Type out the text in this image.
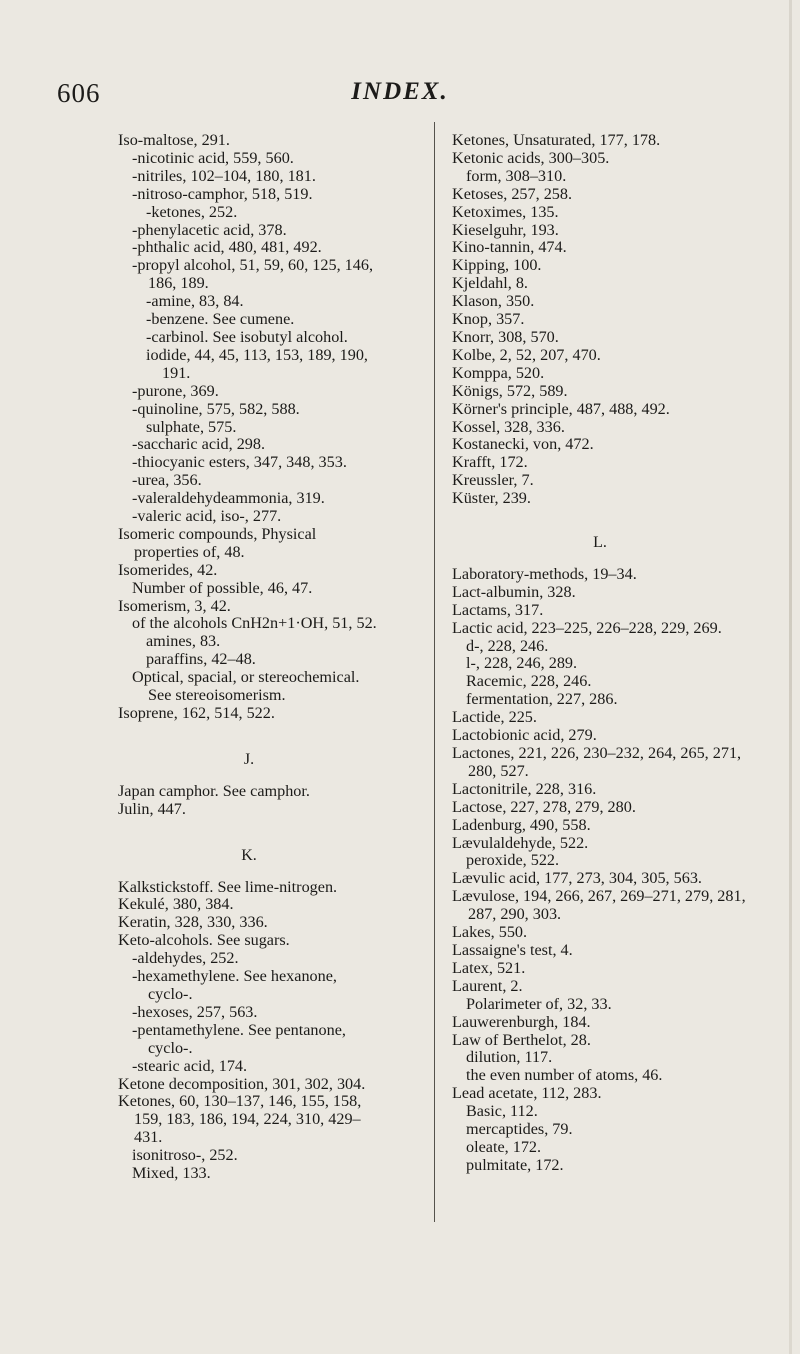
606	INDEX.
Iso-maltose, 291.
-nicotinic acid, 559, 560.
-nitriles, 102–104, 180, 181.
-nitroso-camphor, 518, 519.
-ketones, 252.
-phenylacetic acid, 378.
-phthalic acid, 480, 481, 492.
-propyl alcohol, 51, 59, 60, 125, 146, 186, 189.
-amine, 83, 84.
-benzene. See cumene.
-carbinol. See isobutyl alcohol.
iodide, 44, 45, 113, 153, 189, 190, 191.
-purone, 369.
-quinoline, 575, 582, 588.
sulphate, 575.
-saccharic acid, 298.
-thiocyanic esters, 347, 348, 353.
-urea, 356.
-valeraldehydeammonia, 319.
-valeric acid, iso-, 277.
Isomeric compounds, Physical properties of, 48.
Isomerides, 42.
Number of possible, 46, 47.
Isomerism, 3, 42.
of the alcohols CnH2n+1·OH, 51, 52.
amines, 83.
paraffins, 42–48.
Optical, spacial, or stereochemical. See stereoisomerism.
Isoprene, 162, 514, 522.
J.
Japan camphor. See camphor.
Julin, 447.
K.
Kalkstickstoff. See lime-nitrogen.
Kekulé, 380, 384.
Keratin, 328, 330, 336.
Keto-alcohols. See sugars.
-aldehydes, 252.
-hexamethylene. See hexanone, cyclo-.
-hexoses, 257, 563.
-pentamethylene. See pentanone, cyclo-.
-stearic acid, 174.
Ketone decomposition, 301, 302, 304.
Ketones, 60, 130–137, 146, 155, 158, 159, 183, 186, 194, 224, 310, 429–431.
isonitroso-, 252.
Mixed, 133.
Ketones, Unsaturated, 177, 178.
Ketonic acids, 300–305.
form, 308–310.
Ketoses, 257, 258.
Ketoximes, 135.
Kieselguhr, 193.
Kino-tannin, 474.
Kipping, 100.
Kjeldahl, 8.
Klason, 350.
Knop, 357.
Knorr, 308, 570.
Kolbe, 2, 52, 207, 470.
Komppa, 520.
Königs, 572, 589.
Körner's principle, 487, 488, 492.
Kossel, 328, 336.
Kostanecki, von, 472.
Krafft, 172.
Kreussler, 7.
Küster, 239.
L.
Laboratory-methods, 19–34.
Lact-albumin, 328.
Lactams, 317.
Lactic acid, 223–225, 226–228, 229, 269.
d-, 228, 246.
l-, 228, 246, 289.
Racemic, 228, 246.
fermentation, 227, 286.
Lactide, 225.
Lactobionic acid, 279.
Lactones, 221, 226, 230–232, 264, 265, 271, 280, 527.
Lactonitrile, 228, 316.
Lactose, 227, 278, 279, 280.
Ladenburg, 490, 558.
Lævulaldehyde, 522.
peroxide, 522.
Lævulic acid, 177, 273, 304, 305, 563.
Lævulose, 194, 266, 267, 269–271, 279, 281, 287, 290, 303.
Lakes, 550.
Lassaigne's test, 4.
Latex, 521.
Laurent, 2.
Polarimeter of, 32, 33.
Lauwerenburgh, 184.
Law of Berthelot, 28.
dilution, 117.
the even number of atoms, 46.
Lead acetate, 112, 283.
Basic, 112.
mercaptides, 79.
oleate, 172.
pulmitate, 172.
